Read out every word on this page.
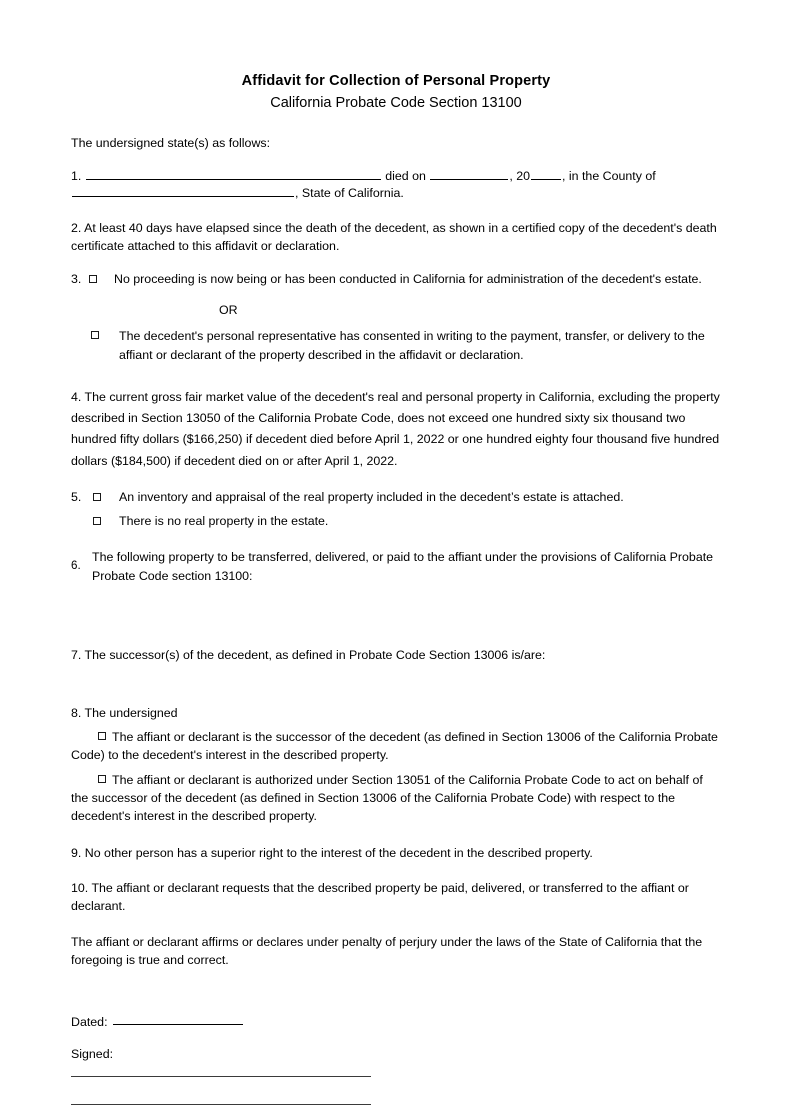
Affidavit for Collection of Personal Property
California Probate Code Section 13100
The undersigned state(s) as follows:
1.	died on	, 20	, in the County of
, State of California.
2. At least 40 days have elapsed since the death of the decedent, as shown in a certified copy of the decedent's death certificate attached to this affidavit or declaration.
3.	No proceeding is now being or has been conducted in California for administration of the decedent's estate.
OR
The decedent's personal representative has consented in writing to the payment, transfer, or delivery to the affiant or declarant of the property described in the affidavit or declaration.
4. The current gross fair market value of the decedent's real and personal property in California, excluding the property described in Section 13050 of the California Probate Code, does not exceed one hundred sixty six thousand two hundred fifty dollars ($166,250) if decedent died before April 1, 2022 or one hundred eighty four thousand five hundred dollars ($184,500) if decedent died on or after April 1, 2022.
5.	An inventory and appraisal of the real property included in the decedent’s estate is attached.
There is no real property in the estate.
6.
The following property to be transferred, delivered, or paid to the affiant under the provisions of California Probate
Probate Code section 13100:
7. The successor(s) of the decedent, as defined in Probate Code Section 13006 is/are:
8. The undersigned
The affiant or declarant is the successor of the decedent (as defined in Section 13006 of the California Probate Code) to the decedent's interest in the described property.
The affiant or declarant is authorized under Section 13051 of the California Probate Code to act on behalf of the successor of the decedent (as defined in Section 13006 of the California Probate Code) with respect to the decedent's interest in the described property.
9. No other person has a superior right to the interest of the decedent in the described property.
10. The affiant or declarant requests that the described property be paid, delivered, or transferred to the affiant or declarant.
The affiant or declarant affirms or declares under penalty of perjury under the laws of the State of California that the foregoing is true and correct.
Dated:
Signed:
